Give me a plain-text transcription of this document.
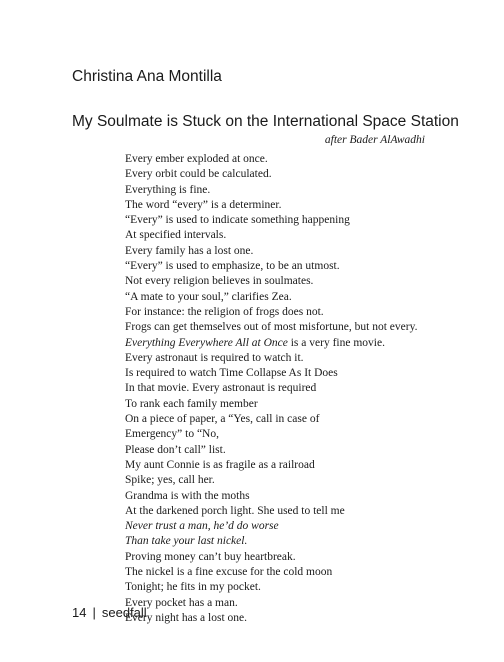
Christina Ana Montilla
My Soulmate is Stuck on the International Space Station

after Bader AlAwadhi

Every ember exploded at once.
Every orbit could be calculated.
Everything is fine.
The word “every” is a determiner.
“Every” is used to indicate something happening
At specified intervals.
Every family has a lost one.
“Every” is used to emphasize, to be an utmost.
Not every religion believes in soulmates.
“A mate to your soul,” clarifies Zea.
For instance: the religion of frogs does not.
Frogs can get themselves out of most misfortune, but not every.
Everything Everywhere All at Once is a very fine movie.
Every astronaut is required to watch it.
Is required to watch Time Collapse As It Does
In that movie. Every astronaut is required
To rank each family member
On a piece of paper, a “Yes, call in case of
Emergency” to “No,
Please don’t call” list.
My aunt Connie is as fragile as a railroad
Spike; yes, call her.
Grandma is with the moths
At the darkened porch light. She used to tell me
Never trust a man, he’d do worse
Than take your last nickel.
Proving money can’t buy heartbreak.
The nickel is a fine excuse for the cold moon
Tonight; he fits in my pocket.
Every pocket has a man.
Every night has a lost one.

14 | seedfall
